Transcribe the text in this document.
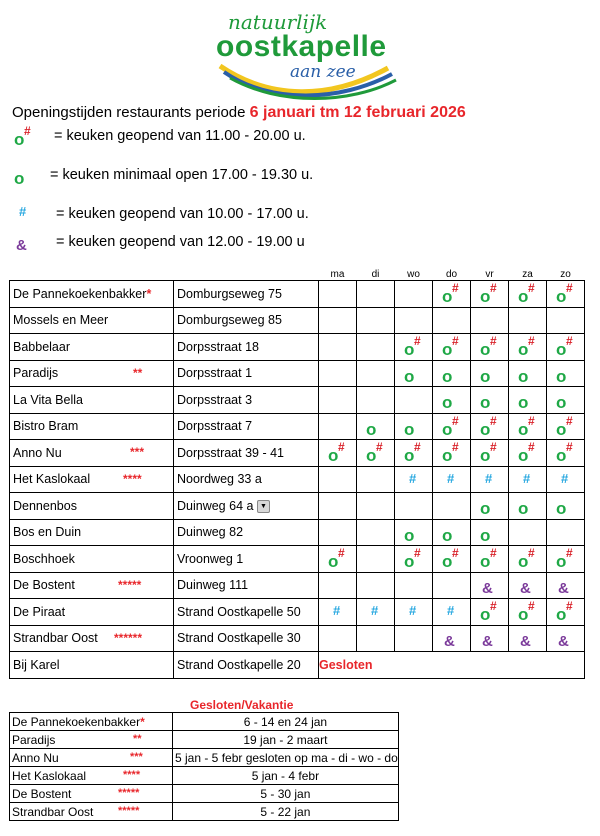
natuurlijk
oostkapelle
aan zee
Openingstijden restaurants periode 6 januari tm 12 februari 2026
o # = keuken geopend van 11.00 - 20.00 u.
o = keuken minimaal open 17.00 - 19.30 u.
# = keuken geopend van 10.00 - 17.00 u.
& = keuken geopend van 12.00 - 19.00 u
		ma	di	wo	do	vr	za	zo
De Pannekoekenbakker*	Domburgseweg 75				o #	o #	o #	o #

Mossels en Meer	Domburgseweg 85	

Babbelaar	Dorpsstraat 18			o #	o #	o #	o #	o #

Paradijs **	Dorpsstraat 1			o	o	o	o	o

La Vita Bella	Dorpsstraat 3				o	o	o	o

Bistro Bram	Dorpsstraat 7		o	o	o #	o #	o #	o #

Anno Nu ***	Dorpsstraat 39 - 41	o #	o #	o #	o #	o #	o #	o #

Het Kaslokaal ****	Noordweg 33 a			#	#	#	#	#

Dennenbos	Duinweg 64 a ▼					o	o	o

Bos en Duin	Duinweg 82			o	o	o		

Boschhoek	Vroonweg 1	o #		o #	o #	o #	o #	o #

De Bostent *****	Duinweg 111					&	&	&

De Piraat	Strand Oostkapelle 50	#	#	#	#	o #	o #	o #

Strandbar Oost ******	Strand Oostkapelle 30				&	&	&	&

Bij Karel	Strand Oostkapelle 20	Gesloten						
Gesloten/Vakantie
De Pannekoekenbakker*	6 - 14 en 24 jan
Paradijs **	19 jan - 2 maart
Anno Nu ***	5 jan - 5 febr gesloten op ma - di - wo - do
Het Kaslokaal ****	5 jan - 4 febr
De Bostent *****	5 - 30 jan
Strandbar Oost *****	5 - 22 jan
